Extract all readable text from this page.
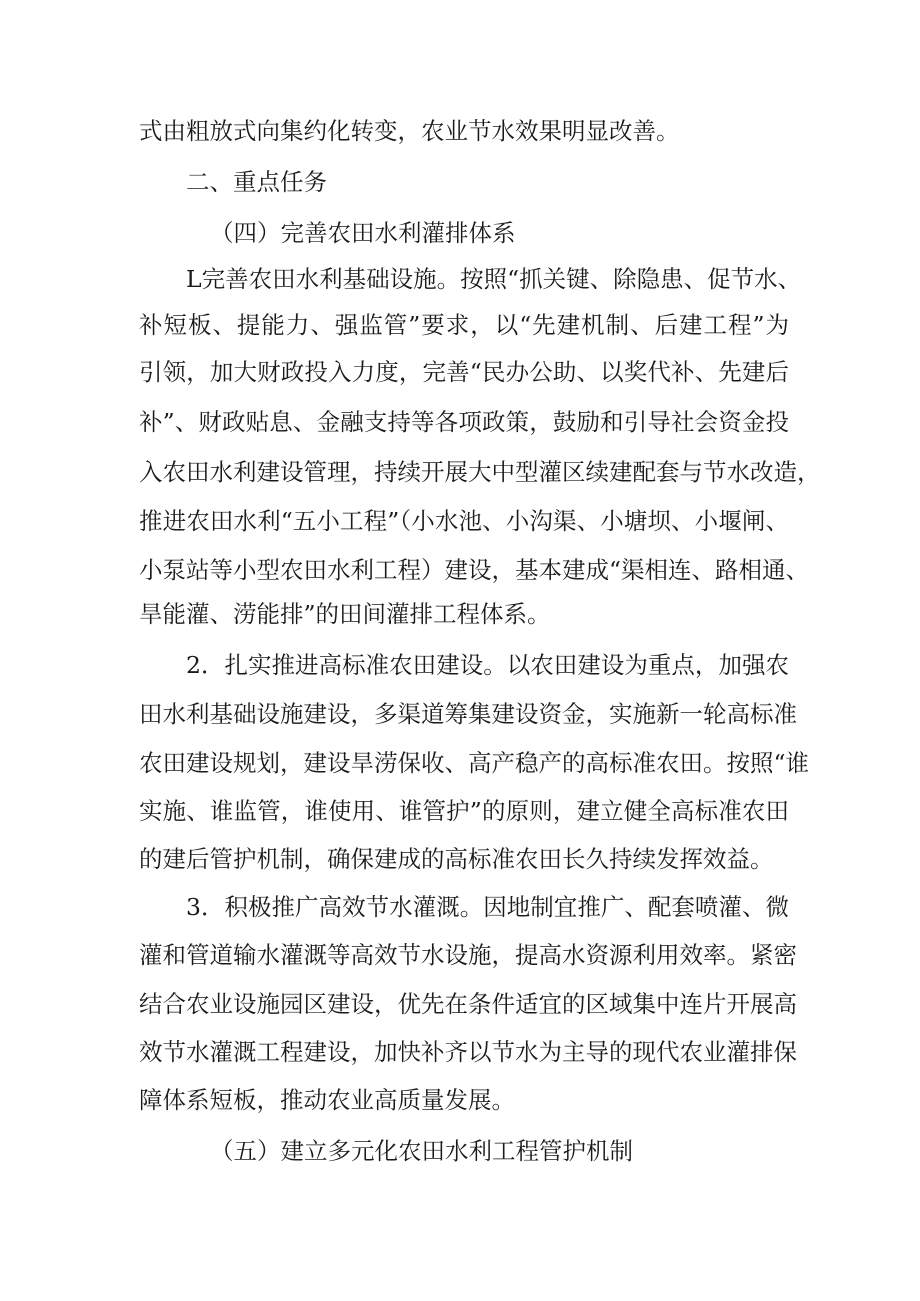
式由粗放式向集约化转变，农业节水效果明显改善。
二、重点任务
（四）完善农田水利灌排体系
L完善农田水利基础设施。按照“抓关键、除隐患、促节水、
补短板、提能力、强监管”要求，以“先建机制、后建工程”为
引领，加大财政投入力度，完善“民办公助、以奖代补、先建后
补”、财政贴息、金融支持等各项政策，鼓励和引导社会资金投
入农田水利建设管理，持续开展大中型灌区续建配套与节水改造，
推进农田水利“五小工程”（小水池、小沟渠、小塘坝、小堰闸、
小泵站等小型农田水利工程）建设，基本建成“渠相连、路相通、
旱能灌、涝能排”的田间灌排工程体系。
2．扎实推进高标准农田建设。以农田建设为重点，加强农
田水利基础设施建设，多渠道筹集建设资金，实施新一轮高标准
农田建设规划，建设旱涝保收、高产稳产的高标准农田。按照“谁
实施、谁监管，谁使用、谁管护”的原则，建立健全高标准农田
的建后管护机制，确保建成的高标准农田长久持续发挥效益。
3．积极推广高效节水灌溉。因地制宜推广、配套喷灌、微
灌和管道输水灌溉等高效节水设施，提高水资源利用效率。紧密
结合农业设施园区建设，优先在条件适宜的区域集中连片开展高
效节水灌溉工程建设，加快补齐以节水为主导的现代农业灌排保
障体系短板，推动农业高质量发展。
（五）建立多元化农田水利工程管护机制
